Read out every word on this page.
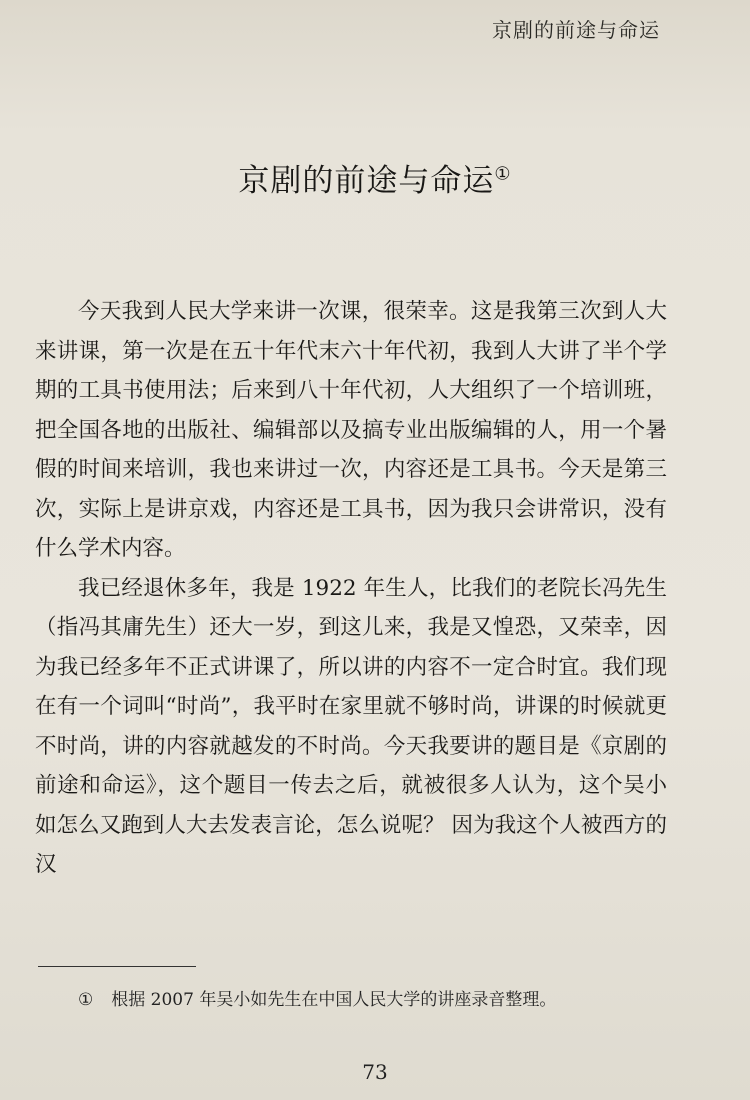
京剧的前途与命运

京剧的前途与命运①

今天我到人民大学来讲一次课，很荣幸。这是我第三次到人大来讲课，第一次是在五十年代末六十年代初，我到人大讲了半个学期的工具书使用法；后来到八十年代初，人大组织了一个培训班，把全国各地的出版社、编辑部以及搞专业出版编辑的人，用一个暑假的时间来培训，我也来讲过一次，内容还是工具书。今天是第三次，实际上是讲京戏，内容还是工具书，因为我只会讲常识，没有什么学术内容。

我已经退休多年，我是 1922 年生人，比我们的老院长冯先生（指冯其庸先生）还大一岁，到这儿来，我是又惶恐，又荣幸，因为我已经多年不正式讲课了，所以讲的内容不一定合时宜。我们现在有一个词叫“时尚”，我平时在家里就不够时尚，讲课的时候就更不时尚，讲的内容就越发的不时尚。今天我要讲的题目是《京剧的前途和命运》，这个题目一传去之后，就被很多人认为，这个吴小如怎么又跑到人大去发表言论，怎么说呢？ 因为我这个人被西方的汉

① 根据 2007 年吴小如先生在中国人民大学的讲座录音整理。
73
